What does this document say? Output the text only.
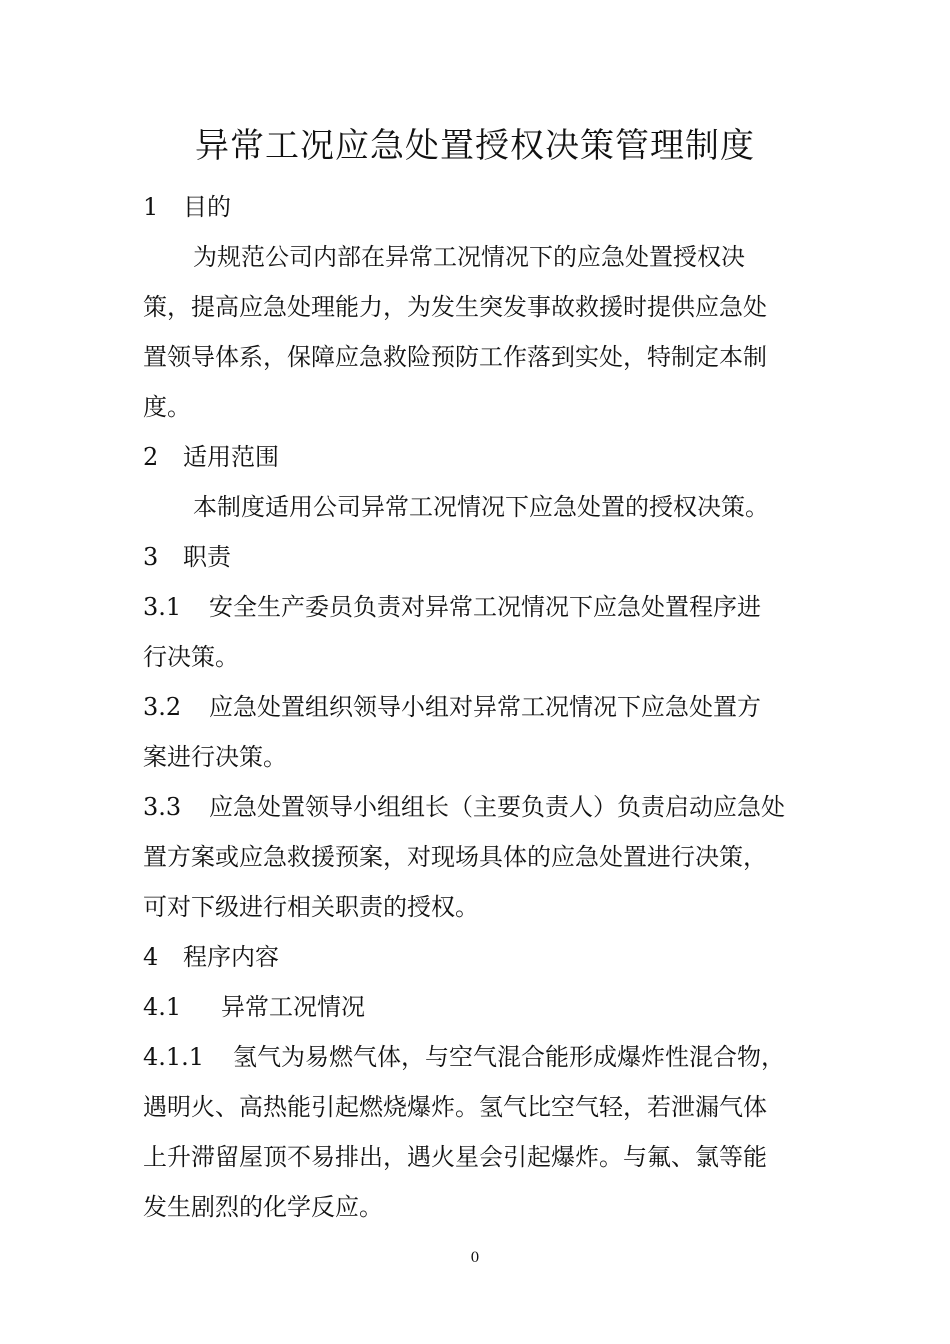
异常工况应急处置授权决策管理制度
1 目的
为规范公司内部在异常工况情况下的应急处置授权决
策，提高应急处理能力，为发生突发事故救援时提供应急处
置领导体系，保障应急救险预防工作落到实处，特制定本制
度。
2 适用范围
本制度适用公司异常工况情况下应急处置的授权决策。
3 职责
3.1 安全生产委员负责对异常工况情况下应急处置程序进
行决策。
3.2 应急处置组织领导小组对异常工况情况下应急处置方
案进行决策。
3.3 应急处置领导小组组长（主要负责人）负责启动应急处
置方案或应急救援预案，对现场具体的应急处置进行决策，
可对下级进行相关职责的授权。
4 程序内容
4.1 异常工况情况
4.1.1 氢气为易燃气体，与空气混合能形成爆炸性混合物，
遇明火、高热能引起燃烧爆炸。氢气比空气轻，若泄漏气体
上升滞留屋顶不易排出，遇火星会引起爆炸。与氟、氯等能
发生剧烈的化学反应。
0
